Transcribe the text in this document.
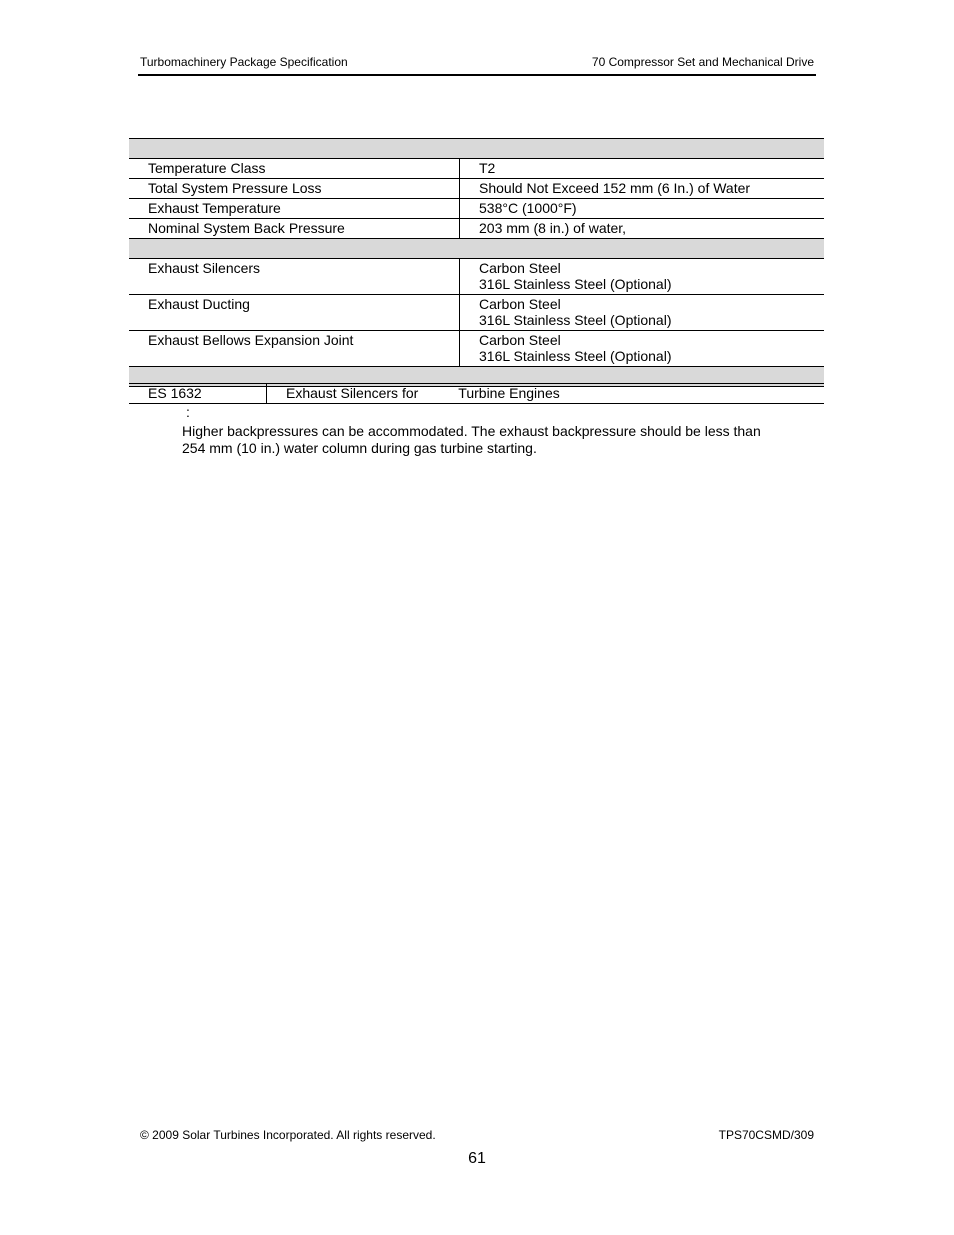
Turbomachinery Package Specification	70 Compressor Set and Mechanical Drive

Temperature Class	T2
Total System Pressure Loss	Should Not Exceed 152 mm (6 In.) of Water
Exhaust Temperature	538°C (1000°F)
Nominal System Back Pressure	203 mm (8 in.) of water,

Exhaust Silencers	Carbon Steel
316L Stainless Steel (Optional)

Exhaust Ducting	Carbon Steel
316L Stainless Steel (Optional)

Exhaust Bellows Expansion Joint	Carbon Steel
316L Stainless Steel (Optional)

ES 1632	Exhaust Silencers for	Turbine Engines
:
Higher backpressures can be accommodated. The exhaust backpressure should be less than 254 mm (10 in.) water column during gas turbine starting.
© 2009 Solar Turbines Incorporated. All rights reserved.	TPS70CSMD/309
61
